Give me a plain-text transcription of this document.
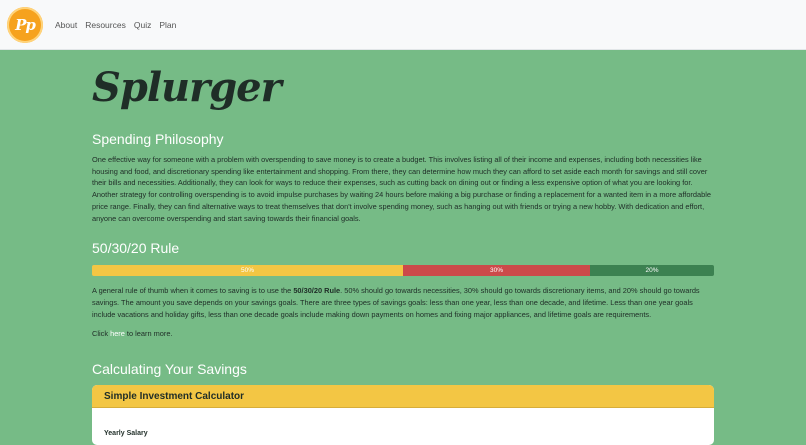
Pp About Resources Quiz Plan
Splurger
Spending Philosophy

One effective way for someone with a problem with overspending to save money is to create a budget. This involves listing all of their income and expenses, including both necessities like housing and food, and discretionary spending like entertainment and shopping. From there, they can determine how much they can afford to set aside each month for savings and still cover their bills and necessities. Additionally, they can look for ways to reduce their expenses, such as cutting back on dining out or finding a less expensive option of what you are looking for. Another strategy for controlling overspending is to avoid impulse purchases by waiting 24 hours before making a big purchase or finding a replacement for a wanted item in a more affordable price range. Finally, they can find alternative ways to treat themselves that don't involve spending money, such as hanging out with friends or trying a new hobby. With dedication and effort, anyone can overcome overspending and start saving towards their financial goals.

50/30/20 Rule
50%	30%	20%

A general rule of thumb when it comes to saving is to use the 50/30/20 Rule. 50% should go towards necessities, 30% should go towards discretionary items, and 20% should go towards savings. The amount you save depends on your savings goals. There are three types of savings goals: less than one year, less than one decade, and lifetime. Less than one year goals include vacations and holiday gifts, less than one decade goals include making down payments on homes and fixing major appliances, and lifetime goals are requirements.

Click here to learn more.

Calculating Your Savings
Simple Investment Calculator
Yearly Salary
